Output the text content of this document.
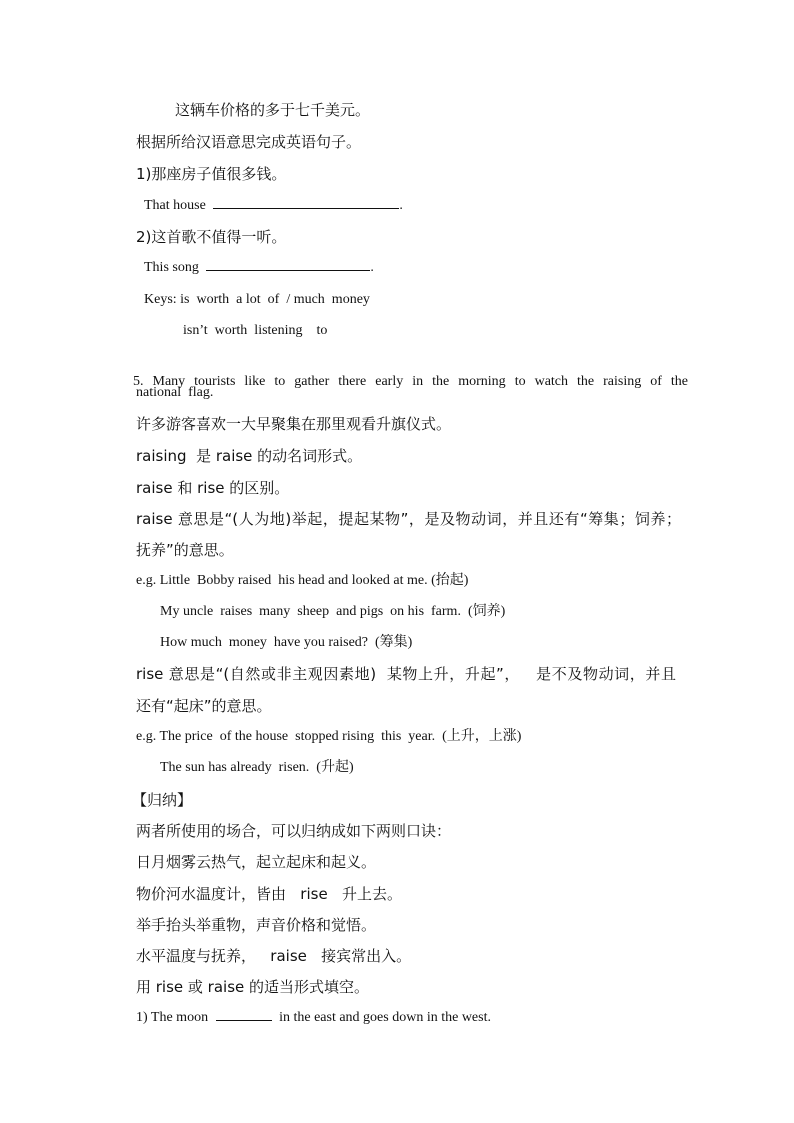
这辆车价格的多于七千美元。
根据所给汉语意思完成英语句子。
1)那座房子值很多钱。
That house	.
2)这首歌不值得一听。
This song	.
Keys: is  worth  a lot  of  / much  money
isn’t  worth  listening    to

5. Many tourists like to gather there early in the morning to watch the raising of the

national  flag.
许多游客喜欢一大早聚集在那里观看升旗仪式。
raising  是 raise 的动名词形式。
raise 和 rise 的区别。
raise 意思是“(人为地)举起，提起某物”，是及物动词，并且还有“筹集；饲养；
抚养”的意思。
e.g. Little  Bobby raised  his head and looked at me. (抬起)
My uncle  raises  many  sheep  and pigs  on his  farm.  (饲养)
How much  money  have you raised?  (筹集)
rise 意思是“(自然或非主观因素地)  某物上升，升起”，   是不及物动词，并且
还有“起床”的意思。
e.g. The price  of the house  stopped rising  this  year.  (上升，上涨)
The sun has already  risen.  (升起)
【归纳】
两者所使用的场合，可以归纳成如下两则口诀：
日月烟雾云热气，起立起床和起义。
物价河水温度计，皆由   rise   升上去。
举手抬头举重物，声音价格和觉悟。
水平温度与抚养，   raise   接宾常出入。
用 rise 或 raise 的适当形式填空。
1) The moon	in the east and goes down in the west.
